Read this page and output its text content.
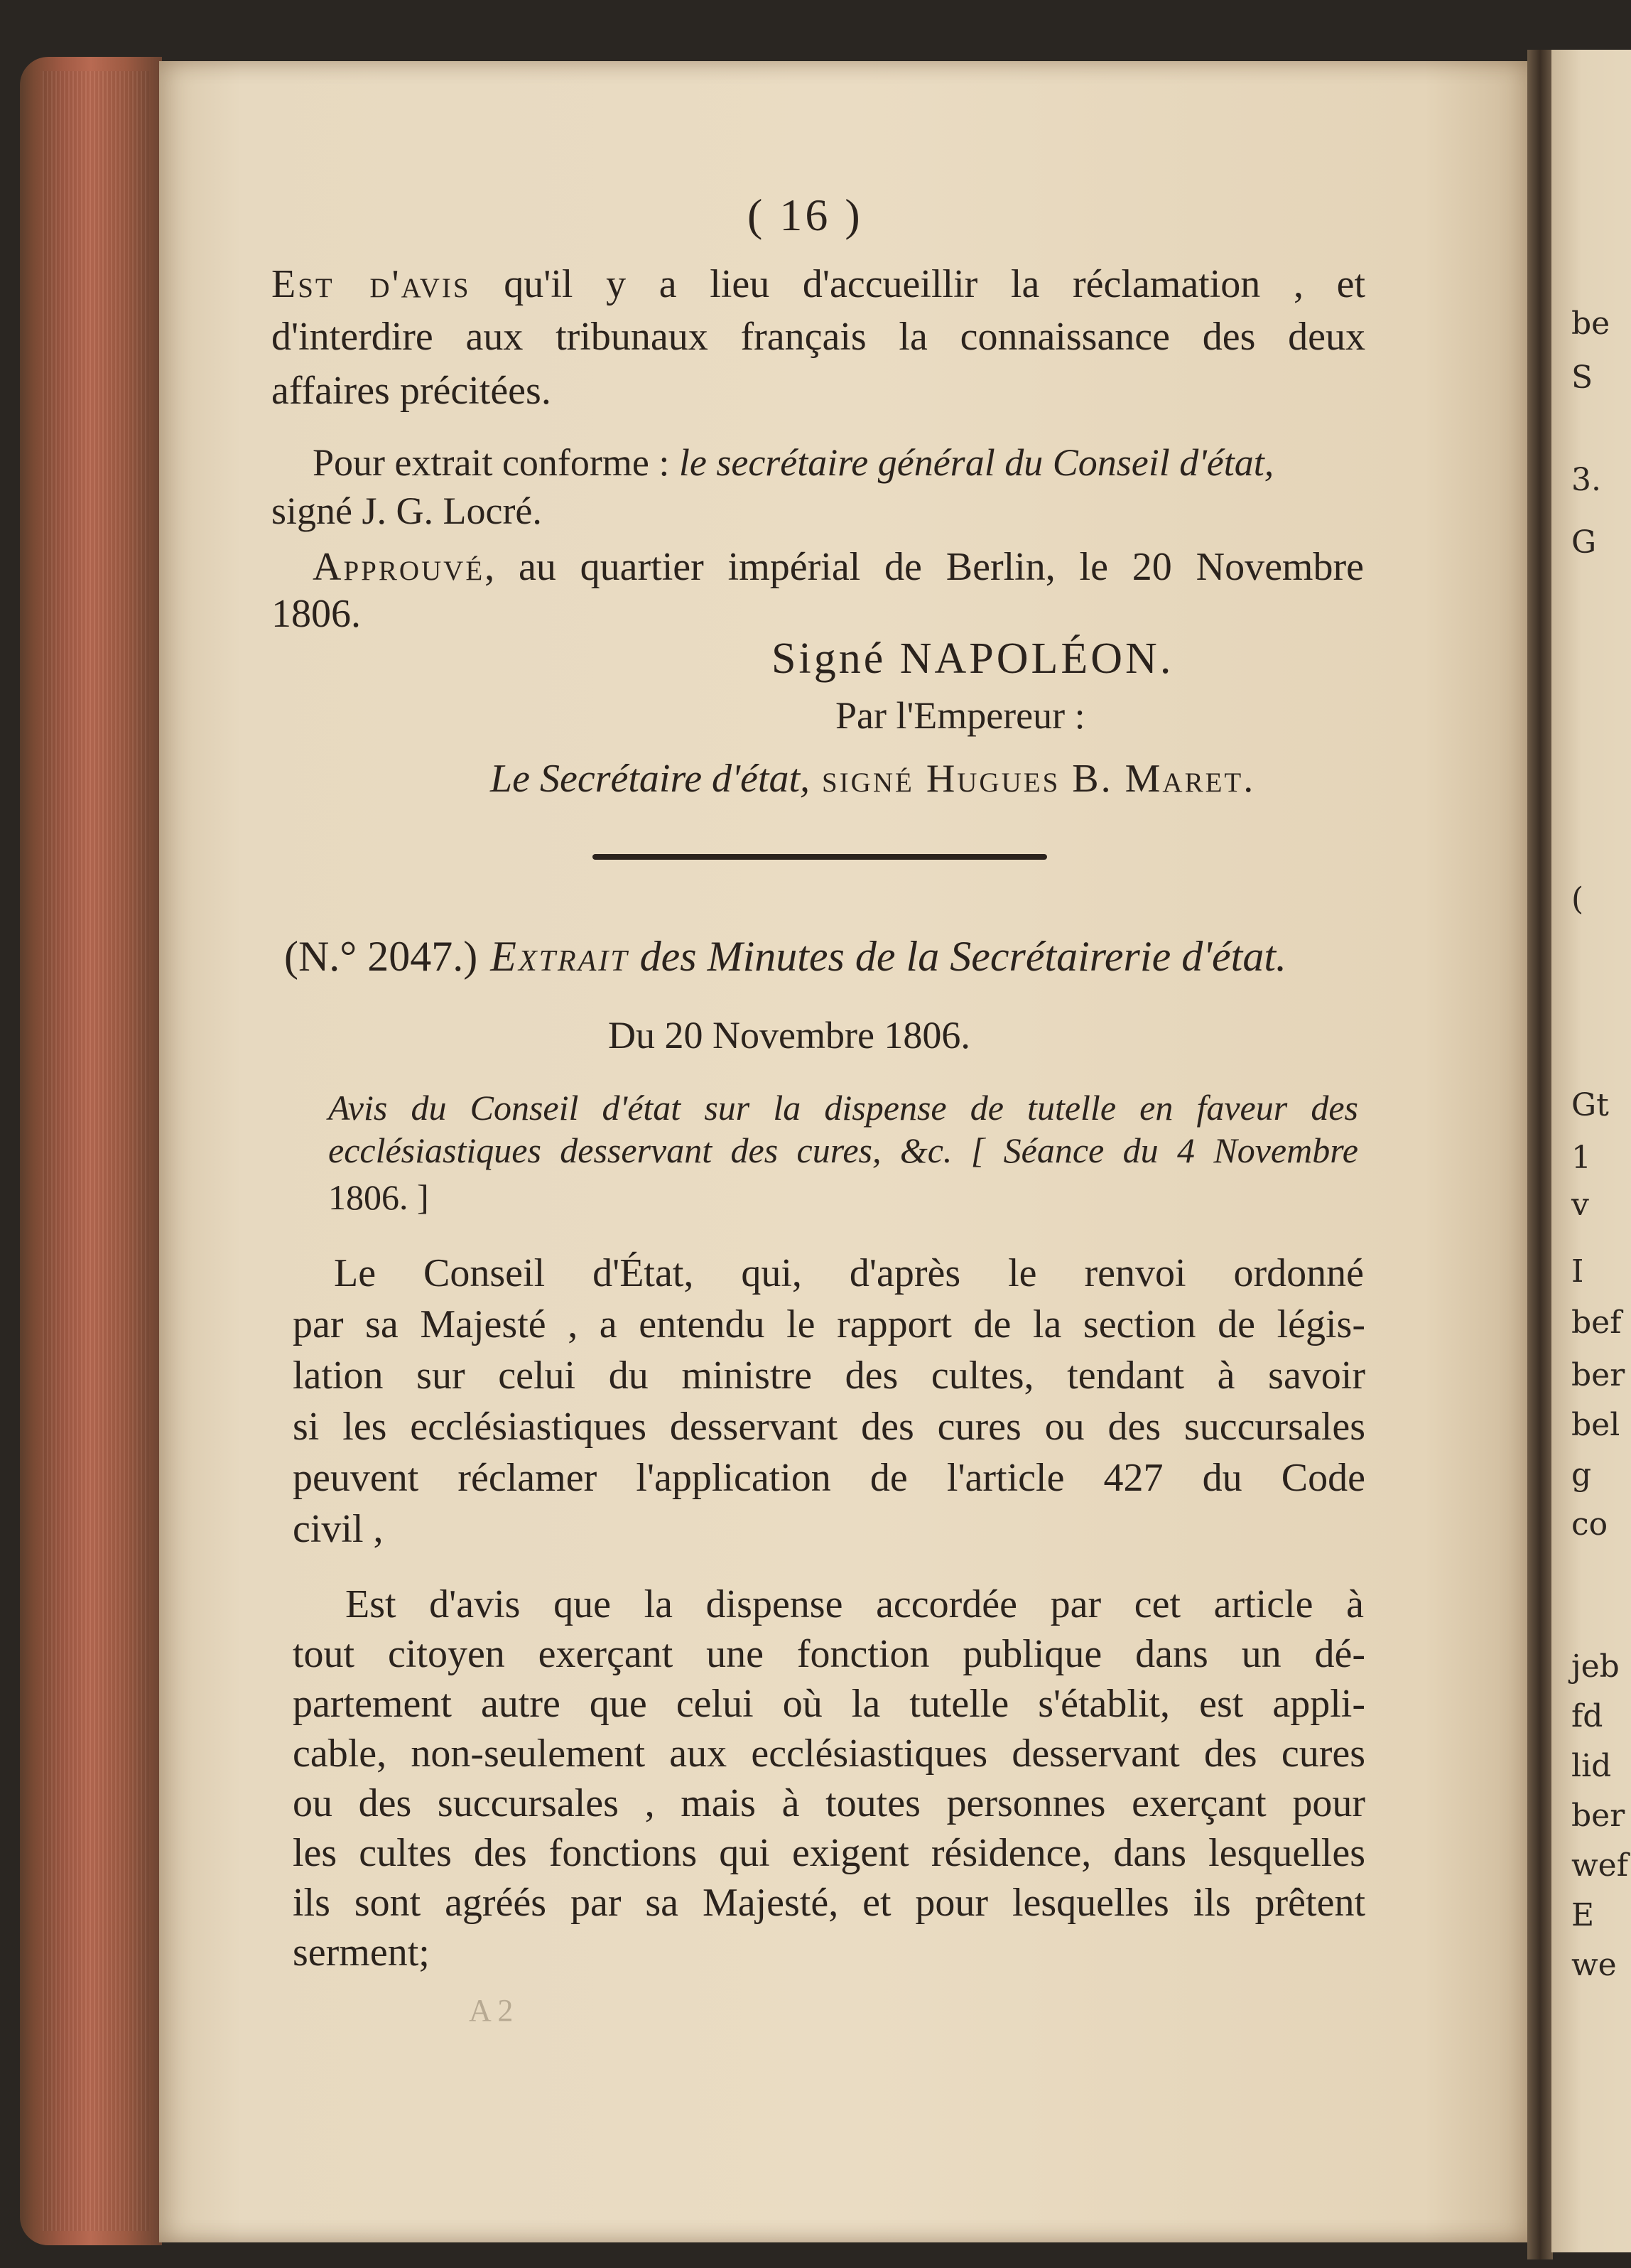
be
S
3.
G
(
Gt
1
v
I
bef
ber
bel
g
co
jeb
fd
lid
ber
wef
E
we
( 16 )
Est d'avis qu'il y a lieu d'accueillir la réclamation , et
d'interdire aux tribunaux français la connaissance des deux
affaires précitées.
Pour extrait conforme : le secrétaire général du Conseil d'état,
signé J. G. Locré.
Approuvé, au quartier impérial de Berlin, le 20 Novembre
1806.
Signé NAPOLÉON.
Par l'Empereur :
Le Secrétaire d'état, signé Hugues B. Maret.
(N.° 2047.) Extrait des Minutes de la Secrétairerie d'état.
Du 20 Novembre 1806.
Avis du Conseil d'état sur la dispense de tutelle en faveur des
ecclésiastiques desservant des cures, &c. [ Séance du 4 Novembre
1806. ]
Le Conseil d'État, qui, d'après le renvoi ordonné
par sa Majesté , a entendu le rapport de la section de légis-
lation sur celui du ministre des cultes, tendant à savoir
si les ecclésiastiques desservant des cures ou des succursales
peuvent réclamer l'application de l'article 427 du Code
civil ,
Est d'avis que la dispense accordée par cet article à
tout citoyen exerçant une fonction publique dans un dé-
partement autre que celui où la tutelle s'établit, est appli-
cable, non-seulement aux ecclésiastiques desservant des cures
ou des succursales , mais à toutes personnes exerçant pour
les cultes des fonctions qui exigent résidence, dans lesquelles
ils sont agréés par sa Majesté, et pour lesquelles ils prêtent
serment;
A 2
